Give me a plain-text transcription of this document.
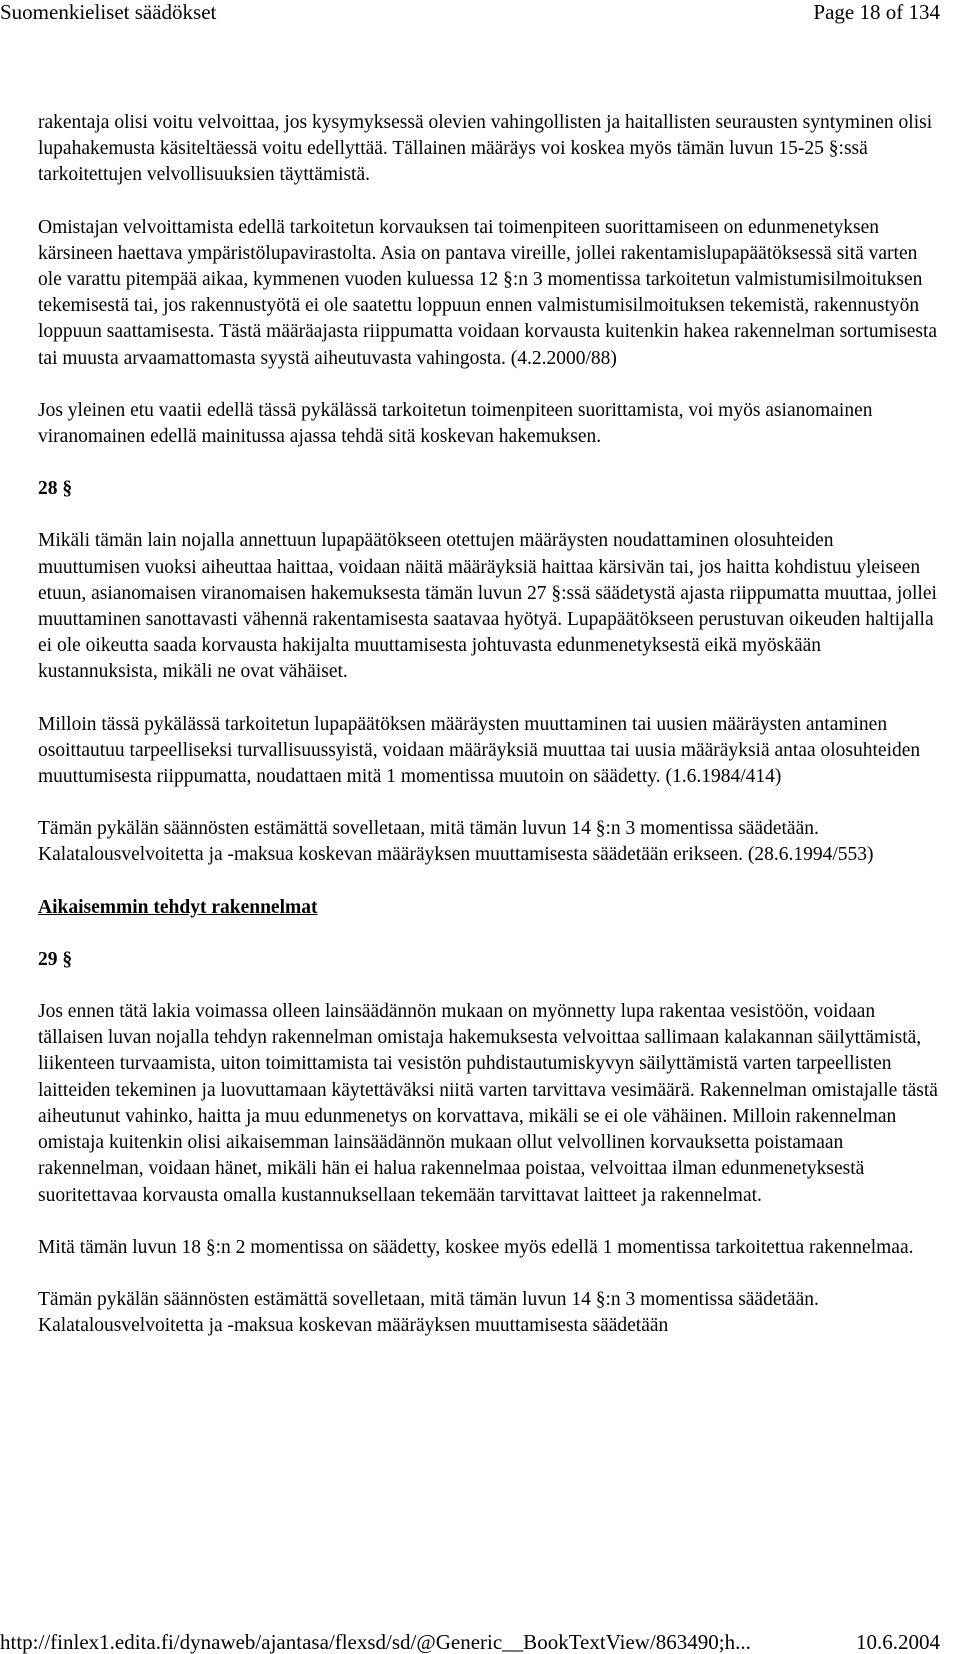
Suomenkieliset säädökset	Page 18 of 134

rakentaja olisi voitu velvoittaa, jos kysymyksessä olevien vahingollisten ja haitallisten seurausten syntyminen olisi lupahakemusta käsiteltäessä voitu edellyttää. Tällainen määräys voi koskea myös tämän luvun 15-25 §:ssä tarkoitettujen velvollisuuksien täyttämistä.

Omistajan velvoittamista edellä tarkoitetun korvauksen tai toimenpiteen suorittamiseen on edunmenetyksen kärsineen haettava ympäristölupavirastolta. Asia on pantava vireille, jollei rakentamislupapäätöksessä sitä varten ole varattu pitempää aikaa, kymmenen vuoden kuluessa 12 §:n 3 momentissa tarkoitetun valmistumisilmoituksen tekemisestä tai, jos rakennustyötä ei ole saatettu loppuun ennen valmistumisilmoituksen tekemistä, rakennustyön loppuun saattamisesta. Tästä määräajasta riippumatta voidaan korvausta kuitenkin hakea rakennelman sortumisesta tai muusta arvaamattomasta syystä aiheutuvasta vahingosta. (4.2.2000/88)

Jos yleinen etu vaatii edellä tässä pykälässä tarkoitetun toimenpiteen suorittamista, voi myös asianomainen viranomainen edellä mainitussa ajassa tehdä sitä koskevan hakemuksen.

28 §

Mikäli tämän lain nojalla annettuun lupapäätökseen otettujen määräysten noudattaminen olosuhteiden muuttumisen vuoksi aiheuttaa haittaa, voidaan näitä määräyksiä haittaa kärsivän tai, jos haitta kohdistuu yleiseen etuun, asianomaisen viranomaisen hakemuksesta tämän luvun 27 §:ssä säädetystä ajasta riippumatta muuttaa, jollei muuttaminen sanottavasti vähennä rakentamisesta saatavaa hyötyä. Lupapäätökseen perustuvan oikeuden haltijalla ei ole oikeutta saada korvausta hakijalta muuttamisesta johtuvasta edunmenetyksestä eikä myöskään kustannuksista, mikäli ne ovat vähäiset.

Milloin tässä pykälässä tarkoitetun lupapäätöksen määräysten muuttaminen tai uusien määräysten antaminen osoittautuu tarpeelliseksi turvallisuussyistä, voidaan määräyksiä muuttaa tai uusia määräyksiä antaa olosuhteiden muuttumisesta riippumatta, noudattaen mitä 1 momentissa muutoin on säädetty. (1.6.1984/414)

Tämän pykälän säännösten estämättä sovelletaan, mitä tämän luvun 14 §:n 3 momentissa säädetään. Kalatalousvelvoitetta ja -maksua koskevan määräyksen muuttamisesta säädetään erikseen. (28.6.1994/553)

Aikaisemmin tehdyt rakennelmat
29 §

Jos ennen tätä lakia voimassa olleen lainsäädännön mukaan on myönnetty lupa rakentaa vesistöön, voidaan tällaisen luvan nojalla tehdyn rakennelman omistaja hakemuksesta velvoittaa sallimaan kalakannan säilyttämistä, liikenteen turvaamista, uiton toimittamista tai vesistön puhdistautumiskyvyn säilyttämistä varten tarpeellisten laitteiden tekeminen ja luovuttamaan käytettäväksi niitä varten tarvittava vesimäärä. Rakennelman omistajalle tästä aiheutunut vahinko, haitta ja muu edunmenetys on korvattava, mikäli se ei ole vähäinen. Milloin rakennelman omistaja kuitenkin olisi aikaisemman lainsäädännön mukaan ollut velvollinen korvauksetta poistamaan rakennelman, voidaan hänet, mikäli hän ei halua rakennelmaa poistaa, velvoittaa ilman edunmenetyksestä suoritettavaa korvausta omalla kustannuksellaan tekemään tarvittavat laitteet ja rakennelmat.

Mitä tämän luvun 18 §:n 2 momentissa on säädetty, koskee myös edellä 1 momentissa tarkoitettua rakennelmaa.

Tämän pykälän säännösten estämättä sovelletaan, mitä tämän luvun 14 §:n 3 momentissa säädetään. Kalatalousvelvoitetta ja -maksua koskevan määräyksen muuttamisesta säädetään

http://finlex1.edita.fi/dynaweb/ajantasa/flexsd/sd/@Generic__BookTextView/863490;h...	10.6.2004
